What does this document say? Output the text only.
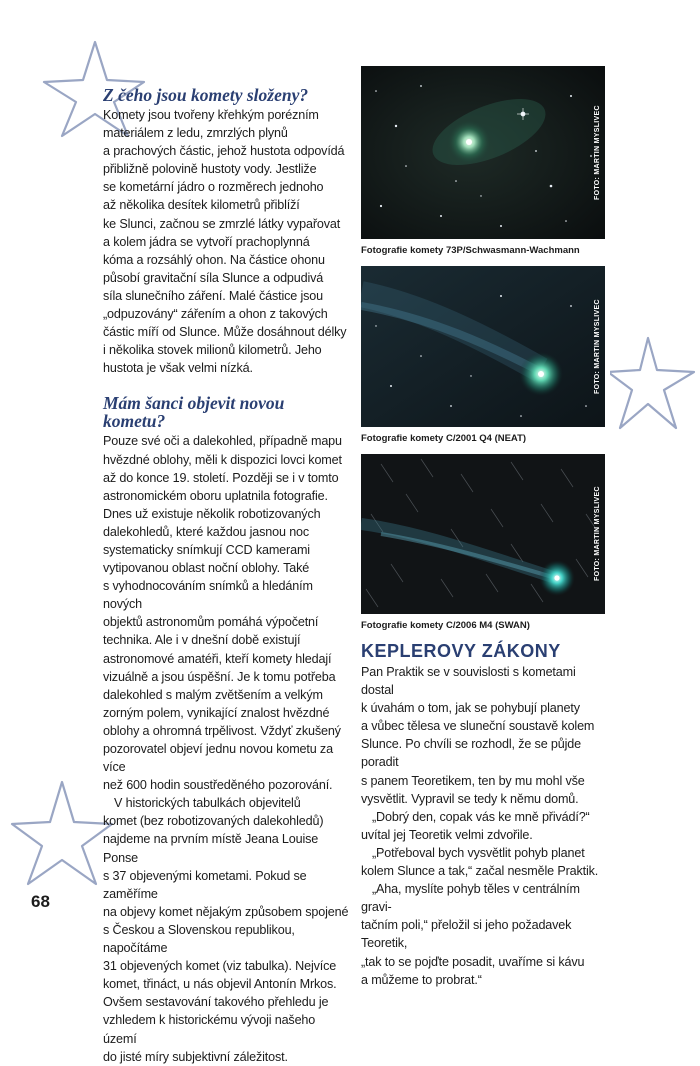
Z čeho jsou komety složeny?

Komety jsou tvořeny křehkým porézním
materiálem z ledu, zmrzlých plynů
a prachových částic, jehož hustota odpovídá
přibližně polovině hustoty vody. Jestliže
se kometární jádro o rozměrech jednoho
až několika desítek kilometrů přiblíží
ke Slunci, začnou se zmrzlé látky vypařovat
a kolem jádra se vytvoří prachoplynná
kóma a rozsáhlý ohon. Na částice ohonu
působí gravitační síla Slunce a odpudivá
síla slunečního záření. Malé částice jsou
„odpuzovány“ zářením a ohon z takových
částic míří od Slunce. Může dosáhnout délky
i několika stovek milionů kilometrů. Jeho
hustota je však velmi nízká.

Mám šanci objevit novou
kometu?

Pouze své oči a dalekohled, případně mapu
hvězdné oblohy, měli k dispozici lovci komet
až do konce 19. století. Později se i v tomto
astronomickém oboru uplatnila fotografie.
Dnes už existuje několik robotizovaných
dalekohledů, které každou jasnou noc
systematicky snímkují CCD kamerami
vytipovanou oblast noční oblohy. Také
s vyhodnocováním snímků a hledáním nových
objektů astronomům pomáhá výpočetní
technika. Ale i v dnešní době existují
astronomové amatéři, kteří komety hledají
vizuálně a jsou úspěšní. Je k tomu potřeba
dalekohled s malým zvětšením a velkým
zorným polem, vynikající znalost hvězdné
oblohy a ohromná trpělivost. Vždyť zkušený
pozorovatel objeví jednu novou kometu za více
než 600 hodin soustředěného pozorování.

V historických tabulkách objevitelů
komet (bez robotizovaných dalekohledů)
najdeme na prvním místě Jeana Louise Ponse
s 37 objevenými kometami. Pokud se zaměříme
na objevy komet nějakým způsobem spojené
s Českou a Slovenskou republikou, napočítáme
31 objevených komet (viz tabulka). Nejvíce
komet, třináct, u nás objevil Antonín Mrkos.
Ovšem sestavování takového přehledu je
vzhledem k historickému vývoji našeho území
do jisté míry subjektivní záležitost.

FOTO: MARTIN MYSLIVEC
Fotografie komety 73P/Schwasmann-Wachmann
FOTO: MARTIN MYSLIVEC
Fotografie komety C/2001 Q4 (NEAT)
FOTO: MARTIN MYSLIVEC
Fotografie komety C/2006 M4 (SWAN)
KEPLEROVY ZÁKONY

Pan Praktik se v souvislosti s kometami dostal
k úvahám o tom, jak se pohybují planety
a vůbec tělesa ve sluneční soustavě kolem
Slunce. Po chvíli se rozhodl, že se půjde poradit
s panem Teoretikem, ten by mu mohl vše
vysvětlit. Vypravil se tedy k němu domů.

„Dobrý den, copak vás ke mně přivádí?“
uvítal jej Teoretik velmi zdvořile.

„Potřeboval bych vysvětlit pohyb planet
kolem Slunce a tak,“ začal nesměle Praktik.

„Aha, myslíte pohyb těles v centrálním gravi-
tačním poli,“ přeložil si jeho požadavek Teoretik,
„tak to se pojďte posadit, uvaříme si kávu
a můžeme to probrat.“

68
